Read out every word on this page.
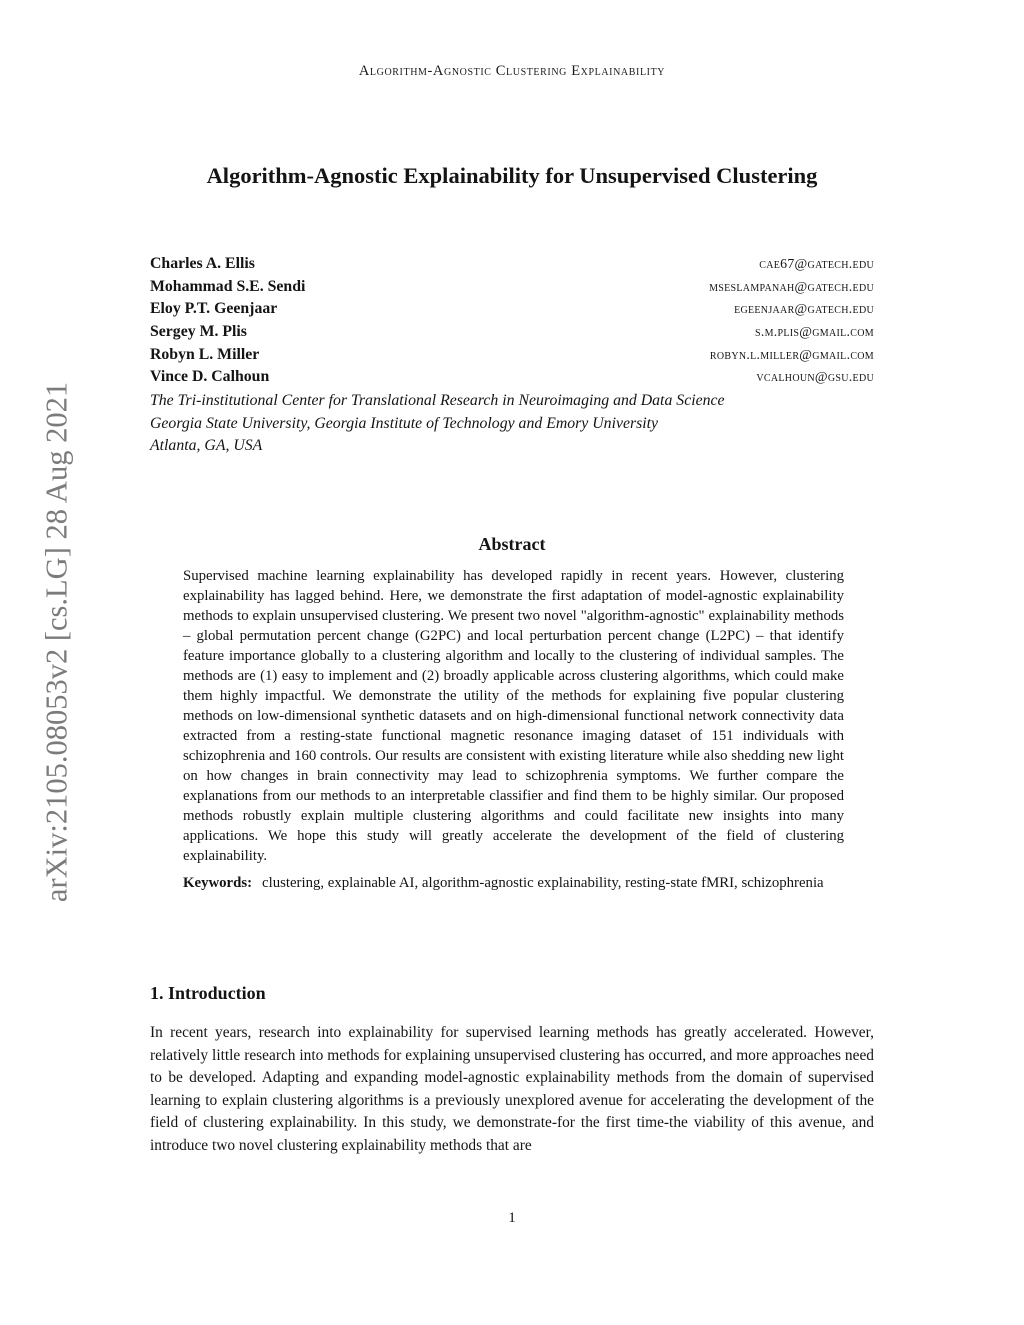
Algorithm-Agnostic Clustering Explainability
Algorithm-Agnostic Explainability for Unsupervised Clustering
Charles A. Ellis	cae67@gatech.edu
Mohammad S.E. Sendi	mseslampanah@gatech.edu
Eloy P.T. Geenjaar	egeenjaar@gatech.edu
Sergey M. Plis	s.m.plis@gmail.com
Robyn L. Miller	robyn.l.miller@gmail.com
Vince D. Calhoun	vcalhoun@gsu.edu
The Tri-institutional Center for Translational Research in Neuroimaging and Data Science
Georgia State University, Georgia Institute of Technology and Emory University
Atlanta, GA, USA
Abstract

Supervised machine learning explainability has developed rapidly in recent years. However, clustering explainability has lagged behind. Here, we demonstrate the first adaptation of model-agnostic explainability methods to explain unsupervised clustering. We present two novel "algorithm-agnostic" explainability methods – global permutation percent change (G2PC) and local perturbation percent change (L2PC) – that identify feature importance globally to a clustering algorithm and locally to the clustering of individual samples. The methods are (1) easy to implement and (2) broadly applicable across clustering algorithms, which could make them highly impactful. We demonstrate the utility of the methods for explaining five popular clustering methods on low-dimensional synthetic datasets and on high-dimensional functional network connectivity data extracted from a resting-state functional magnetic resonance imaging dataset of 151 individuals with schizophrenia and 160 controls. Our results are consistent with existing literature while also shedding new light on how changes in brain connectivity may lead to schizophrenia symptoms. We further compare the explanations from our methods to an interpretable classifier and find them to be highly similar. Our proposed methods robustly explain multiple clustering algorithms and could facilitate new insights into many applications. We hope this study will greatly accelerate the development of the field of clustering explainability.

Keywords: clustering, explainable AI, algorithm-agnostic explainability, resting-state fMRI, schizophrenia

1. Introduction

In recent years, research into explainability for supervised learning methods has greatly accelerated. However, relatively little research into methods for explaining unsupervised clustering has occurred, and more approaches need to be developed. Adapting and expanding model-agnostic explainability methods from the domain of supervised learning to explain clustering algorithms is a previously unexplored avenue for accelerating the development of the field of clustering explainability. In this study, we demonstrate-for the first time-the viability of this avenue, and introduce two novel clustering explainability methods that are

1
arXiv:2105.08053v2 [cs.LG] 28 Aug 2021
